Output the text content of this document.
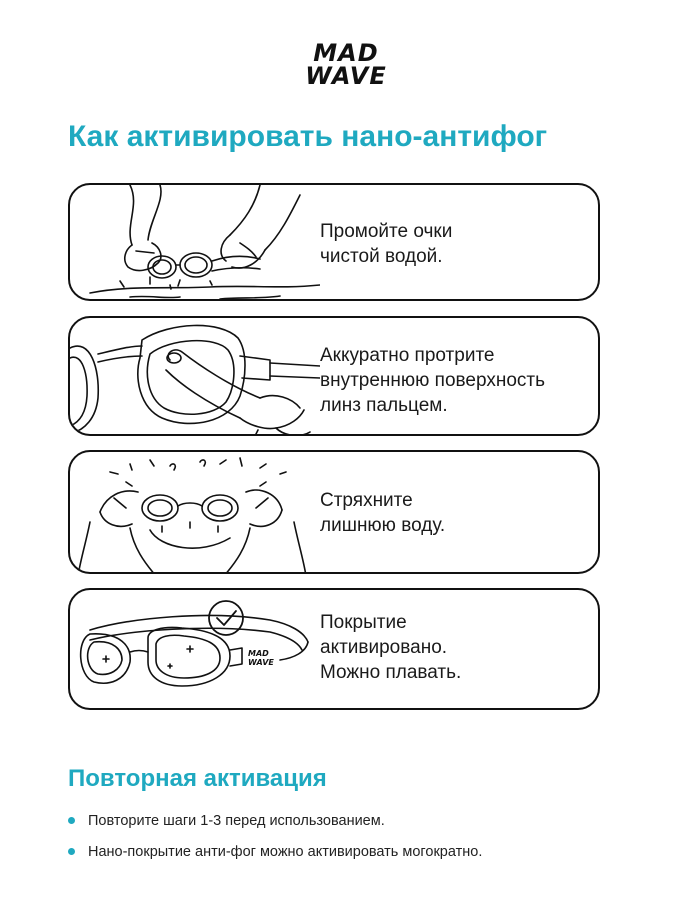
MAD
WAVE
Как активировать нано-антифог
Промойте очки
чистой водой.
Аккуратно протрите
внутреннюю поверхность
линз пальцем.
Стряхните
лишнюю воду.
MAD
WAVE
Покрытие
активировано.
Можно плавать.
Повторная активация
Повторите шаги 1-3 перед использованием.
Нано-покрытие анти-фог можно активировать могократно.
